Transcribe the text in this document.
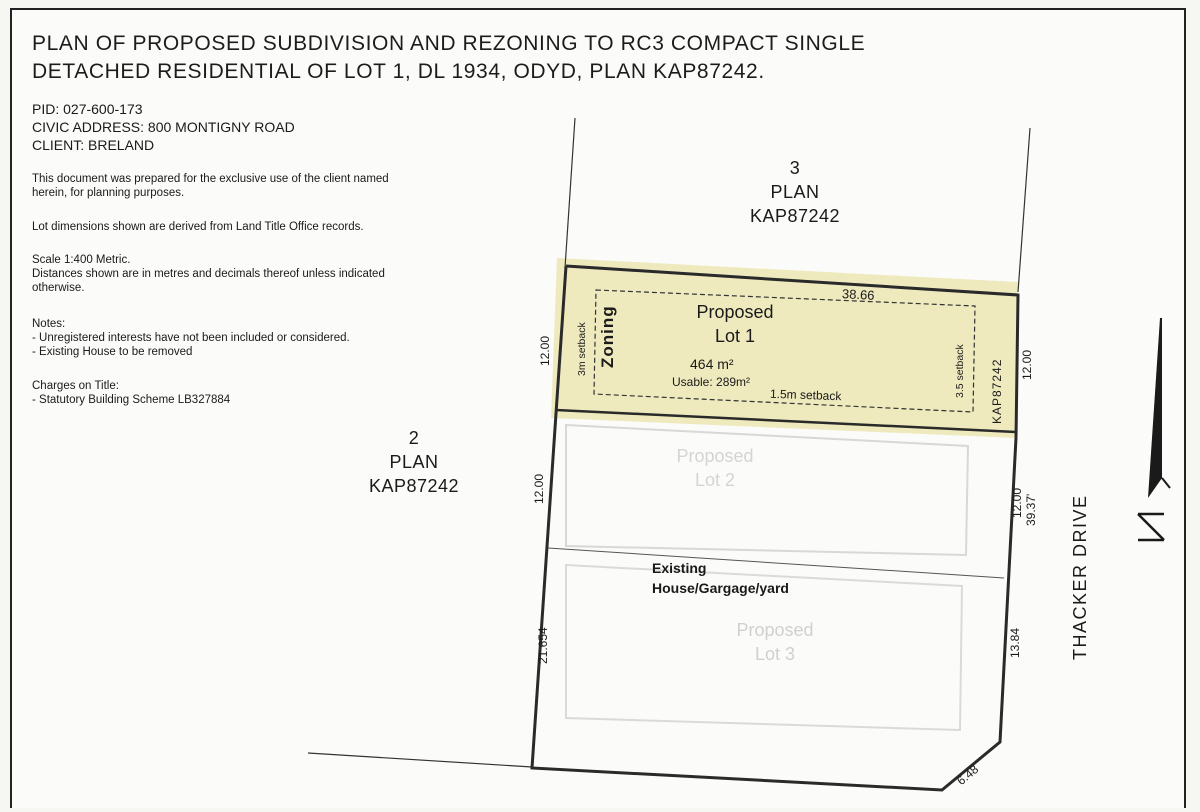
PLAN OF PROPOSED SUBDIVISION AND REZONING TO RC3 COMPACT SINGLE
DETACHED RESIDENTIAL OF LOT 1, DL 1934, ODYD, PLAN KAP87242.
PID: 027-600-173
CIVIC ADDRESS: 800 MONTIGNY ROAD
CLIENT: BRELAND
This document was prepared for the exclusive use of the client named
herein, for planning purposes.
Lot dimensions shown are derived from Land Title Office records.
Scale 1:400 Metric.
Distances shown are in metres and decimals thereof unless indicated
otherwise.
Notes:
- Unregistered interests have not been included or considered.
- Existing House to be removed
Charges on Title:
- Statutory Building Scheme LB327884
3
PLAN
KAP87242
2
PLAN
KAP87242
Proposed
Lot 1
464 m²
Usable: 289m²
1.5m setback
Zoning
3m setback	3.5 setback KAP87242
38.66
12.00	12.00
12.00	12.00 39.37'
21.654	13.84
6.48
Existing
House/Gargage/yard
Proposed
Lot 2
Proposed
Lot 3	THACKER DRIVE
